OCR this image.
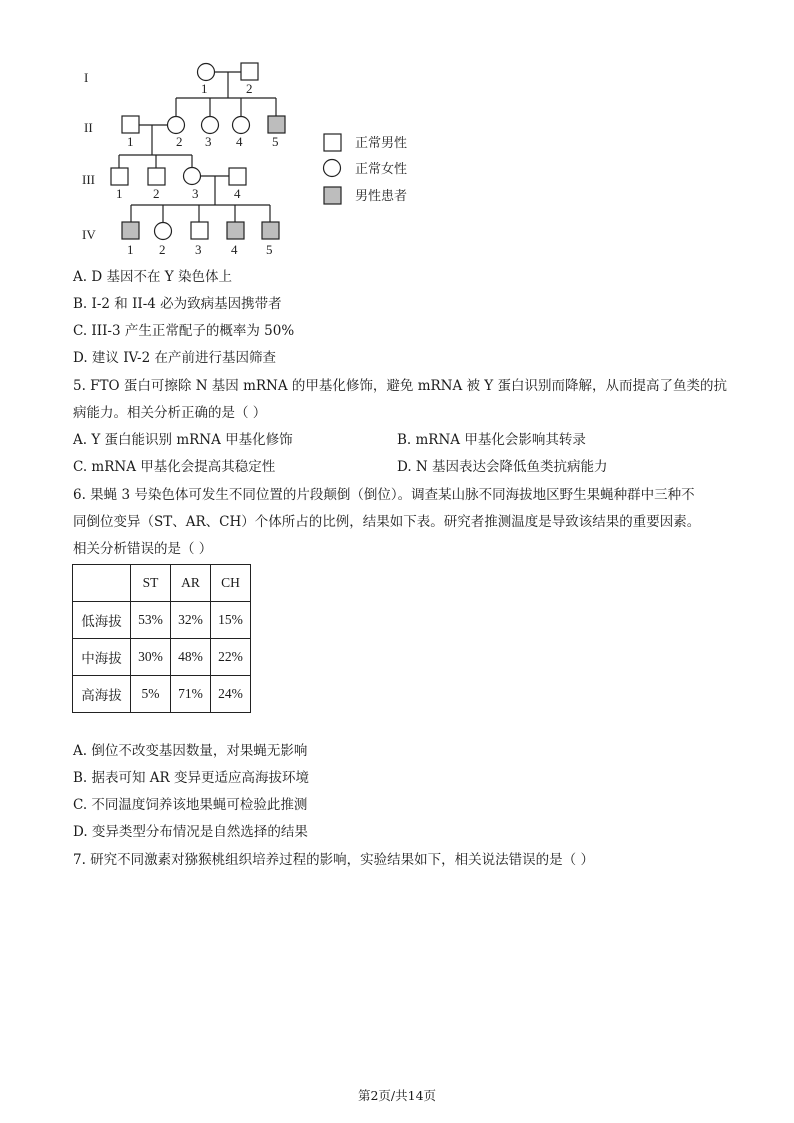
I
II
III
IV
1	2
1	2 3 4 5
1 2	3	4
1 2 3 4 5
正常男性
正常女性
男性患者
A. D 基因不在 Y 染色体上
B. I-2 和 II-4 必为致病基因携带者
C. III-3 产生正常配子的概率为 50%
D. 建议 IV-2 在产前进行基因筛查
5. FTO 蛋白可擦除 N 基因 mRNA 的甲基化修饰，避免 mRNA 被 Y 蛋白识别而降解，从而提高了鱼类的抗
病能力。相关分析正确的是（ ）
A. Y 蛋白能识别 mRNA 甲基化修饰	B. mRNA 甲基化会影响其转录
C. mRNA 甲基化会提高其稳定性	D. N 基因表达会降低鱼类抗病能力
6. 果蝇 3 号染色体可发生不同位置的片段颠倒（倒位）。调查某山脉不同海拔地区野生果蝇种群中三种不
同倒位变异（ST、AR、CH）个体所占的比例，结果如下表。研究者推测温度是导致该结果的重要因素。
相关分析错误的是（ ）
	ST	AR	CH
低海拔	53%	32%	15%
中海拔	30%	48%	22%
高海拔	5%	71%	24%
A. 倒位不改变基因数量，对果蝇无影响
B. 据表可知 AR 变异更适应高海拔环境
C. 不同温度饲养该地果蝇可检验此推测
D. 变异类型分布情况是自然选择的结果
7. 研究不同激素对猕猴桃组织培养过程的影响，实验结果如下，相关说法错误的是（ ）
第2页/共14页
